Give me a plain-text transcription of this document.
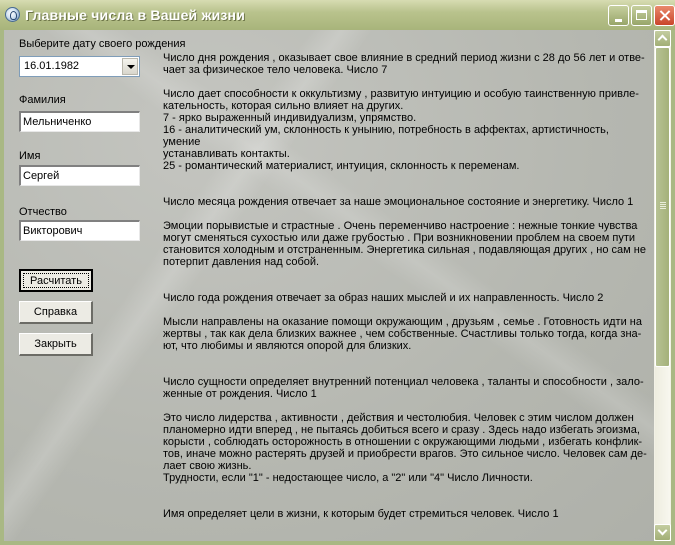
Главные числа в Вашей жизни
Выберите дату своего рождения
16.01.1982
Фамилия
Мельниченко
Имя
Сергей
Отчество
Викторович
Расчитать
Справка
Закрыть

Число дня рождения , оказывает свое влияние в средний период жизни с 28 до 56 лет и отве-

чает за физическое тело человека. Число 7

Число дает способности к оккультизму , развитую интуицию и особую таинственную привле-

кательность, которая сильно влияет на других.

7 - ярко выраженный индивидуализм, упрямство.

16 - аналитический ум, склонность к унынию, потребность в аффектах, артистичность, умение

устанавливать контакты.

25 - романтический материалист, интуиция, склонность к переменам.

Число месяца рождения отвечает за наше эмоциональное состояние и энергетику. Число 1

Эмоции порывистые и страстные . Очень переменчиво настроение : нежные тонкие чувства

могут сменяться сухостью или даже грубостью . При возникновении проблем на своем пути

становится холодным и отстраненным. Энергетика сильная , подавляющая других , но сам не

потерпит давления над собой.

Число года рождения отвечает за образ наших мыслей и их направленность. Число 2

Мысли направлены на оказание помощи окружающим , друзьям , семье . Готовность идти на

жертвы , так как дела близких важнее , чем собственные. Счастливы только тогда, когда зна-

ют, что любимы и являются опорой для близких.

Число сущности определяет внутренний потенциал человека , таланты и способности , зало-

женные от рождения. Число 1

Это число лидерства , активности , действия и честолюбия. Человек с этим числом должен

планомерно идти вперед , не пытаясь добиться всего и сразу . Здесь надо избегать эгоизма,

корысти , соблюдать осторожность в отношении с окружающими людьми , избегать конфлик-

тов, иначе можно растерять друзей и приобрести врагов. Это сильное число. Человек сам де-

лает свою жизнь.

Трудности, если "1" - недостающее число, а "2" или "4" Число Личности.

Имя определяет цели в жизни, к которым будет стремиться человек. Число 1
